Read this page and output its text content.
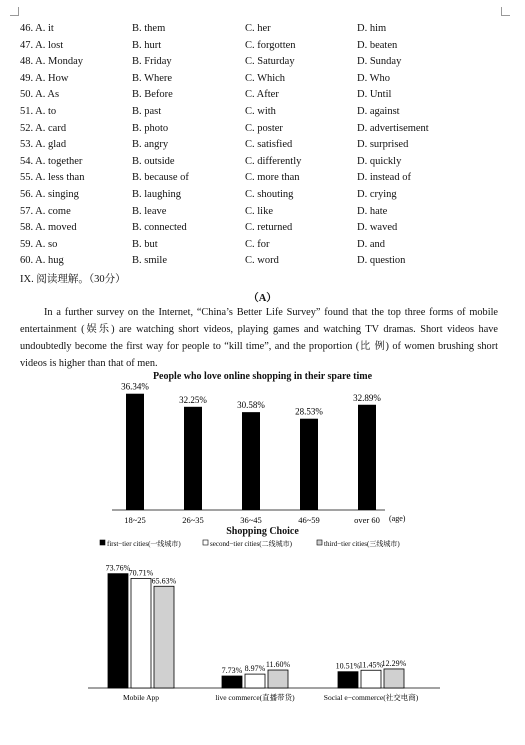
46. A. it	B. them	C. her	D. him
47. A. lost	B. hurt	C. forgotten	D. beaten
48. A. Monday	B. Friday	C. Saturday	D. Sunday
49. A. How	B. Where	C. Which	D. Who
50. A. As	B. Before	C. After	D. Until
51. A. to	B. past	C. with	D. against
52. A. card	B. photo	C. poster	D. advertisement
53. A. glad	B. angry	C. satisfied	D. surprised
54. A. together	B. outside	C. differently	D. quickly
55. A. less than	B. because of	C. more than	D. instead of
56. A. singing	B. laughing	C. shouting	D. crying
57. A. come	B. leave	C. like	D. hate
58. A. moved	B. connected	C. returned	D. waved
59. A. so	B. but	C. for	D. and
60. A. hug	B. smile	C. word	D. question
IX. 阅读理解。（30分）
（A）

In a further survey on the Internet, “China’s Better Life Survey” found that the top three forms of mobile entertainment (娱乐) are watching short videos, playing games and watching TV dramas. Short videos have undoubtedly become the first way for people to “kill time”, and the proportion (比 例) of women brushing short videos is higher than that of men.

People who love online shopping in their spare time
36.34%
18~25
32.25%
26~35
30.58%
36~45
28.53%
46~59
32.89%
over 60 (age)
Shopping Choice
first−tier cities(一线城市)	second−tier cities(二线城市)	third−tier cities(三线城市)
73.76%
70.71%
65.63%
Mobile App
7.73% 8.97% 11.60%
live commerce(直播带货)
10.51%
11.45%
12.29%
Social e−commerce(社交电商)
